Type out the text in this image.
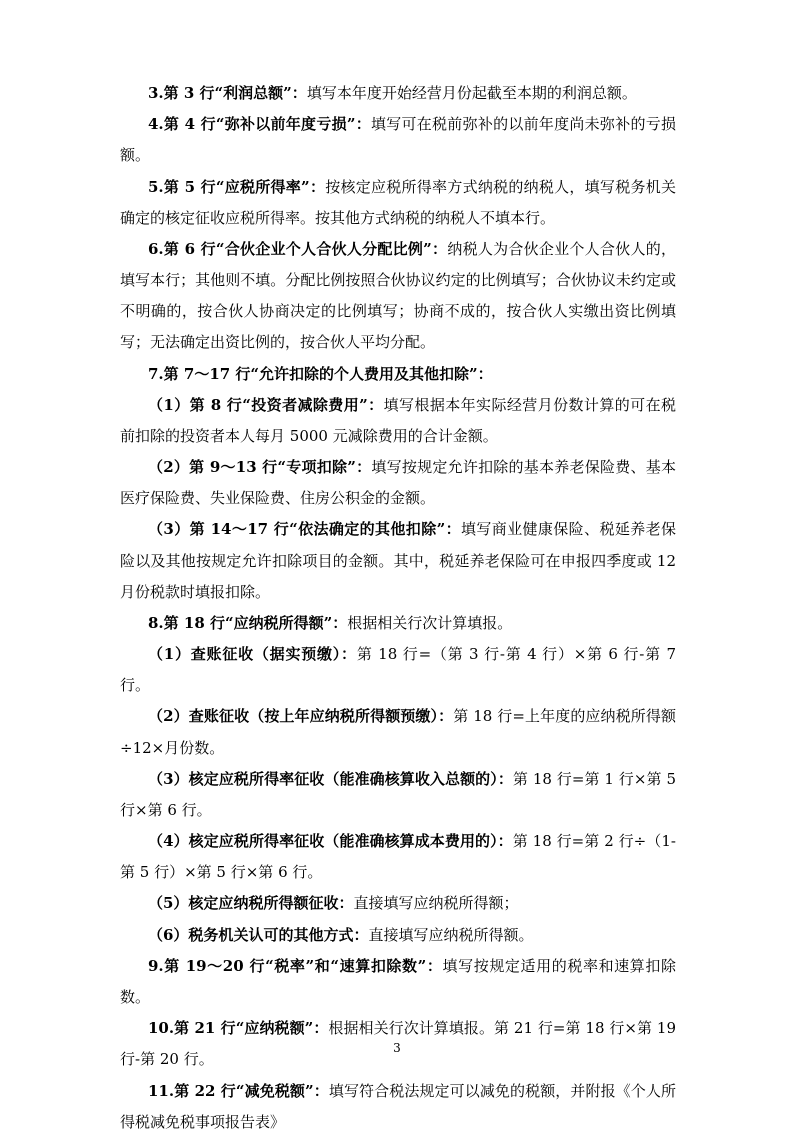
3.第 3 行“利润总额”：填写本年度开始经营月份起截至本期的利润总额。

4.第 4 行“弥补以前年度亏损”：填写可在税前弥补的以前年度尚未弥补的亏损额。

5.第 5 行“应税所得率”：按核定应税所得率方式纳税的纳税人，填写税务机关确定的核定征收应税所得率。按其他方式纳税的纳税人不填本行。

6.第 6 行“合伙企业个人合伙人分配比例”：纳税人为合伙企业个人合伙人的，填写本行；其他则不填。分配比例按照合伙协议约定的比例填写；合伙协议未约定或不明确的，按合伙人协商决定的比例填写；协商不成的，按合伙人实缴出资比例填写；无法确定出资比例的，按合伙人平均分配。

7.第 7～17 行“允许扣除的个人费用及其他扣除”：

（1）第 8 行“投资者减除费用”：填写根据本年实际经营月份数计算的可在税前扣除的投资者本人每月 5000 元减除费用的合计金额。

（2）第 9～13 行“专项扣除”：填写按规定允许扣除的基本养老保险费、基本医疗保险费、失业保险费、住房公积金的金额。

（3）第 14～17 行“依法确定的其他扣除”：填写商业健康保险、税延养老保险以及其他按规定允许扣除项目的金额。其中，税延养老保险可在申报四季度或 12 月份税款时填报扣除。

8.第 18 行“应纳税所得额”：根据相关行次计算填报。

（1）查账征收（据实预缴）：第 18 行=（第 3 行-第 4 行）×第 6 行-第 7 行。

（2）查账征收（按上年应纳税所得额预缴）：第 18 行=上年度的应纳税所得额÷12×月份数。

（3）核定应税所得率征收（能准确核算收入总额的）：第 18 行=第 1 行×第 5 行×第 6 行。

（4）核定应税所得率征收（能准确核算成本费用的）：第 18 行=第 2 行÷（1-第 5 行）×第 5 行×第 6 行。

（5）核定应纳税所得额征收：直接填写应纳税所得额；

（6）税务机关认可的其他方式：直接填写应纳税所得额。

9.第 19～20 行“税率”和“速算扣除数”：填写按规定适用的税率和速算扣除数。

10.第 21 行“应纳税额”：根据相关行次计算填报。第 21 行=第 18 行×第 19 行-第 20 行。

11.第 22 行“减免税额”：填写符合税法规定可以减免的税额，并附报《个人所得税减免税事项报告表》

3
